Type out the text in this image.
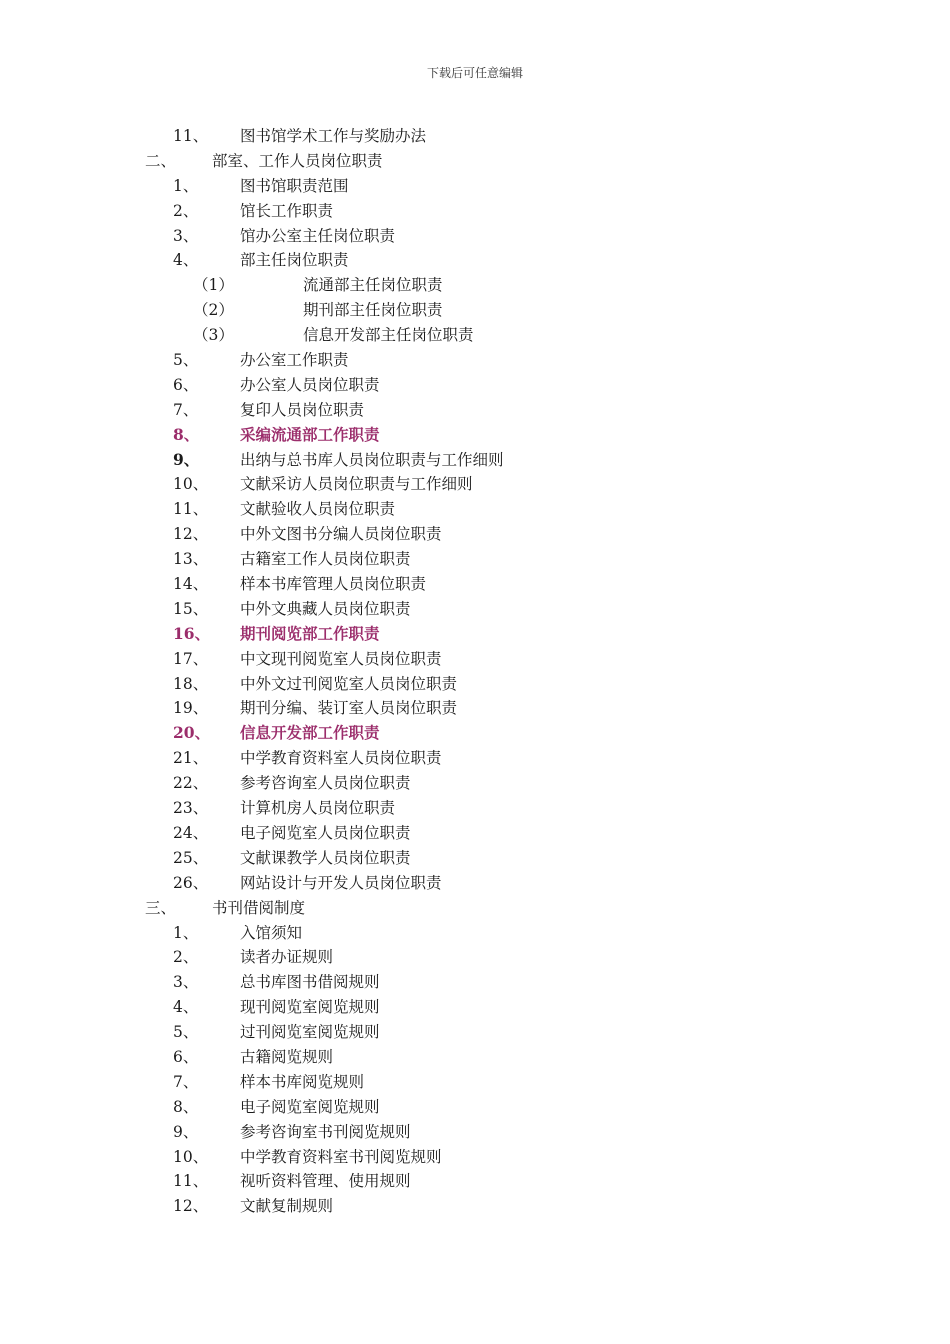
下载后可任意编辑
11、 图书馆学术工作与奖励办法
二、 部室、工作人员岗位职责
1、	图书馆职责范围
2、	馆长工作职责
3、	馆办公室主任岗位职责
4、	部主任岗位职责
（1）	流通部主任岗位职责
（2）	期刊部主任岗位职责
（3）	信息开发部主任岗位职责
5、	办公室工作职责
6、	办公室人员岗位职责
7、	复印人员岗位职责
8、	采编流通部工作职责
9、	出纳与总书库人员岗位职责与工作细则
10、 文献采访人员岗位职责与工作细则
11、 文献验收人员岗位职责
12、 中外文图书分编人员岗位职责
13、 古籍室工作人员岗位职责
14、 样本书库管理人员岗位职责
15、 中外文典藏人员岗位职责
16、 期刊阅览部工作职责
17、 中文现刊阅览室人员岗位职责
18、 中外文过刊阅览室人员岗位职责
19、 期刊分编、装订室人员岗位职责
20、 信息开发部工作职责
21、 中学教育资料室人员岗位职责
22、 参考咨询室人员岗位职责
23、 计算机房人员岗位职责
24、 电子阅览室人员岗位职责
25、 文献课教学人员岗位职责
26、 网站设计与开发人员岗位职责
三、 书刊借阅制度
1、	入馆须知
2、	读者办证规则
3、	总书库图书借阅规则
4、	现刊阅览室阅览规则
5、	过刊阅览室阅览规则
6、	古籍阅览规则
7、	样本书库阅览规则
8、	电子阅览室阅览规则
9、	参考咨询室书刊阅览规则
10、 中学教育资料室书刊阅览规则
11、 视听资料管理、使用规则
12、 文献复制规则
